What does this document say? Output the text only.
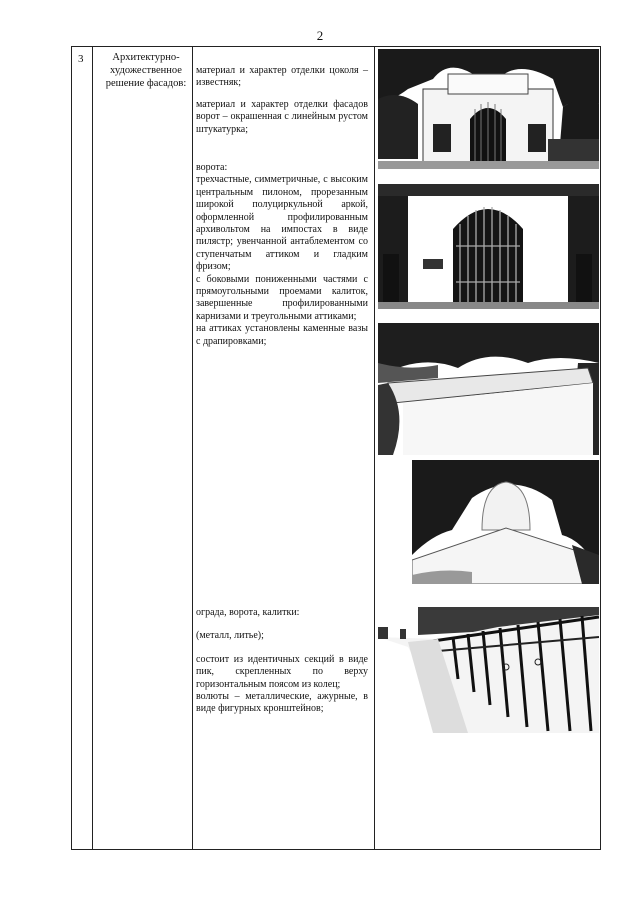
2
3	Архитектурно-художественное решение фасадов:

материал и характер отделки цоколя – известняк;

материал и характер отделки фасадов ворот – окрашенная с линейным рустом штукатурка;

ворота:

трехчастные, симметричные, с высоким центральным пилоном, прорезанным широкой полуциркульной аркой, оформленной профилированным архивольтом на импостах в виде пилястр; увенчанной антаблементом со ступенчатым аттиком и гладким фризом;

с боковыми пониженными частями с прямоугольными проемами калиток, завершенные профилированными карнизами и треугольными аттиками;

на аттиках установлены каменные вазы с драпировками;

ограда, ворота, калитки:

(металл, литье);

состоит из идентичных секций в виде пик, скрепленных по верху горизонтальным поясом из колец;

волюты – металлические, ажурные, в виде фигурных кронштейнов;
